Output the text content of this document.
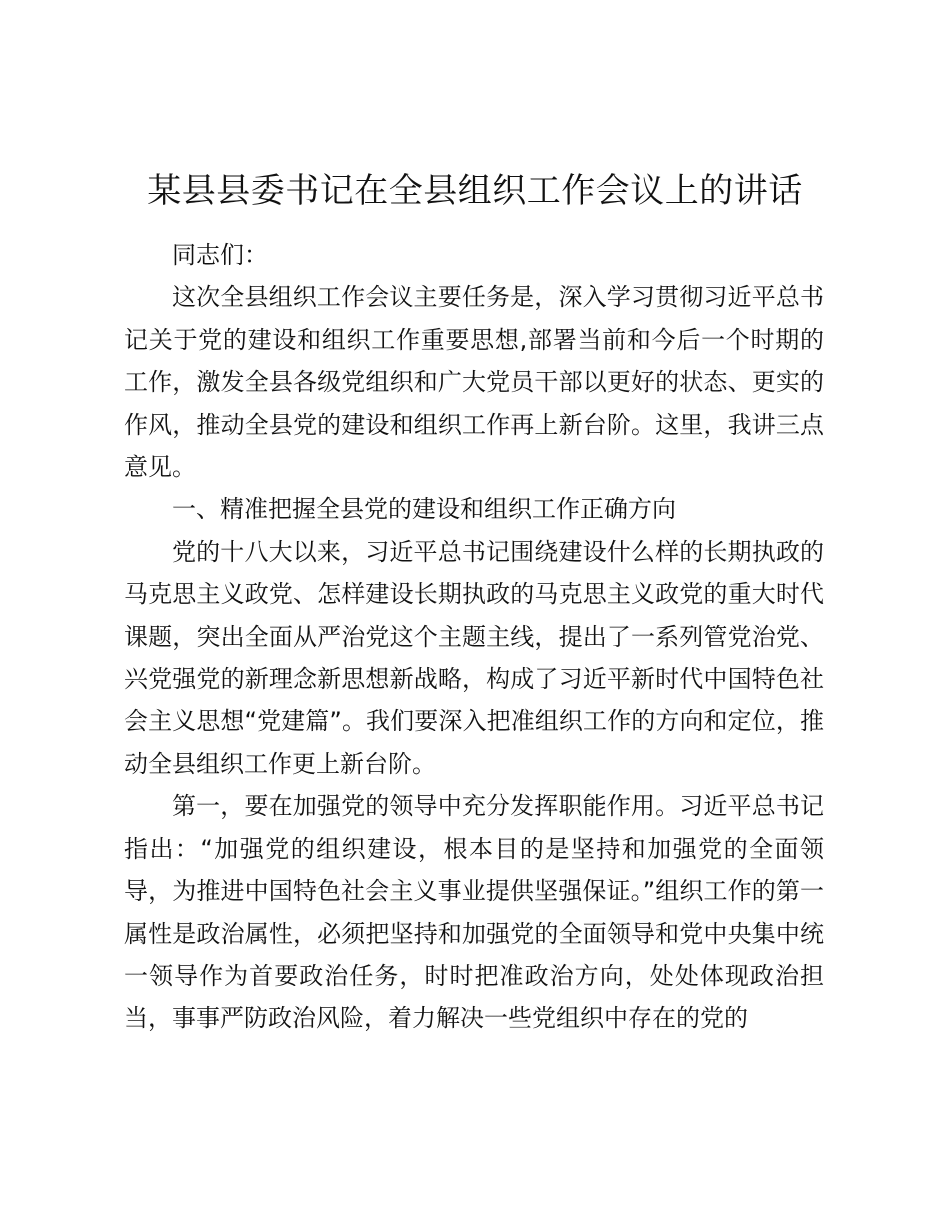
某县县委书记在全县组织工作会议上的讲话

同志们：

这次全县组织工作会议主要任务是，深入学习贯彻习近平总书记关于党的建设和组织工作重要思想,部署当前和今后一个时期的工作，激发全县各级党组织和广大党员干部以更好的状态、更实的作风，推动全县党的建设和组织工作再上新台阶。这里，我讲三点意见。

一、精准把握全县党的建设和组织工作正确方向

党的十八大以来，习近平总书记围绕建设什么样的长期执政的马克思主义政党、怎样建设长期执政的马克思主义政党的重大时代课题，突出全面从严治党这个主题主线，提出了一系列管党治党、兴党强党的新理念新思想新战略，构成了习近平新时代中国特色社会主义思想“党建篇”。我们要深入把准组织工作的方向和定位，推动全县组织工作更上新台阶。

第一，要在加强党的领导中充分发挥职能作用。习近平总书记指出：“加强党的组织建设，根本目的是坚持和加强党的全面领导，为推进中国特色社会主义事业提供坚强保证。”组织工作的第一属性是政治属性，必须把坚持和加强党的全面领导和党中央集中统一领导作为首要政治任务，时时把准政治方向，处处体现政治担当，事事严防政治风险，着力解决一些党组织中存在的党的
